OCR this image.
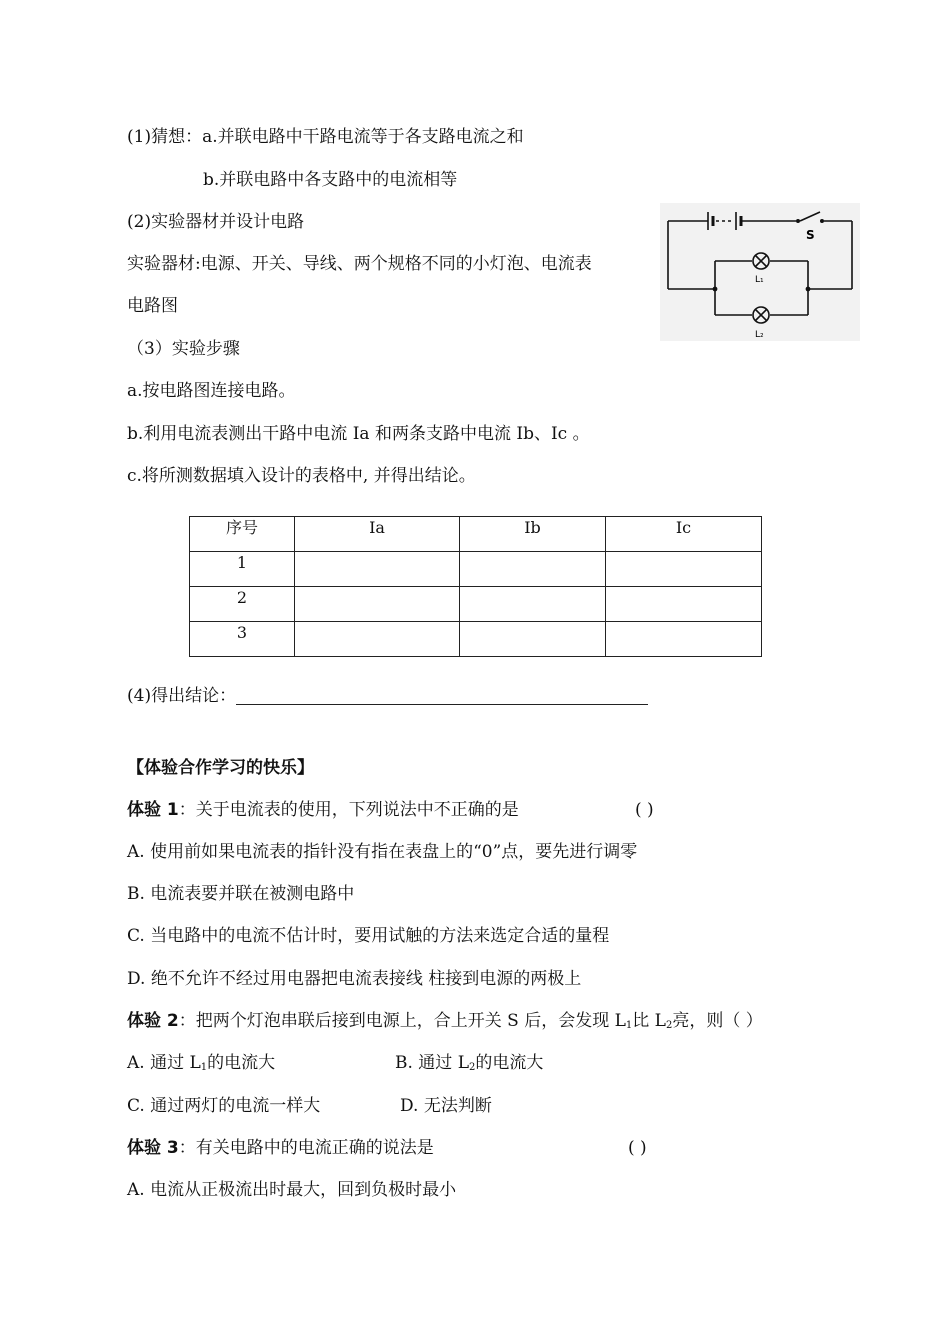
(1)猜想：a.并联电路中干路电流等于各支路电流之和
b.并联电路中各支路中的电流相等
(2)实验器材并设计电路
实验器材:电源、开关、导线、两个规格不同的小灯泡、电流表
电路图
（3）实验步骤
a.按电路图连接电路。
b.利用电流表测出干路中电流 Ia 和两条支路中电流 Ib、Ic 。
c.将所测数据填入设计的表格中, 并得出结论。
S
L₁
L₂
序号	Ia	Ib	Ic
1			
2			
3			
(4)得出结论：
【体验合作学习的快乐】
体验 1：关于电流表的使用，下列说法中不正确的是	( )
A. 使用前如果电流表的指针没有指在表盘上的“0”点，要先进行调零
B. 电流表要并联在被测电路中
C. 当电路中的电流不估计时，要用试触的方法来选定合适的量程
D. 绝不允许不经过用电器把电流表接线 柱接到电源的两极上
体验 2：把两个灯泡串联后接到电源上，合上开关 S 后，会发现 $L_1$比 $L_2$亮，则（ ）
A. 通过 $L_1$的电流大	B. 通过 $L_2$的电流大
C. 通过两灯的电流一样大	D. 无法判断
体验 3：有关电路中的电流正确的说法是	( )
A. 电流从正极流出时最大，回到负极时最小
